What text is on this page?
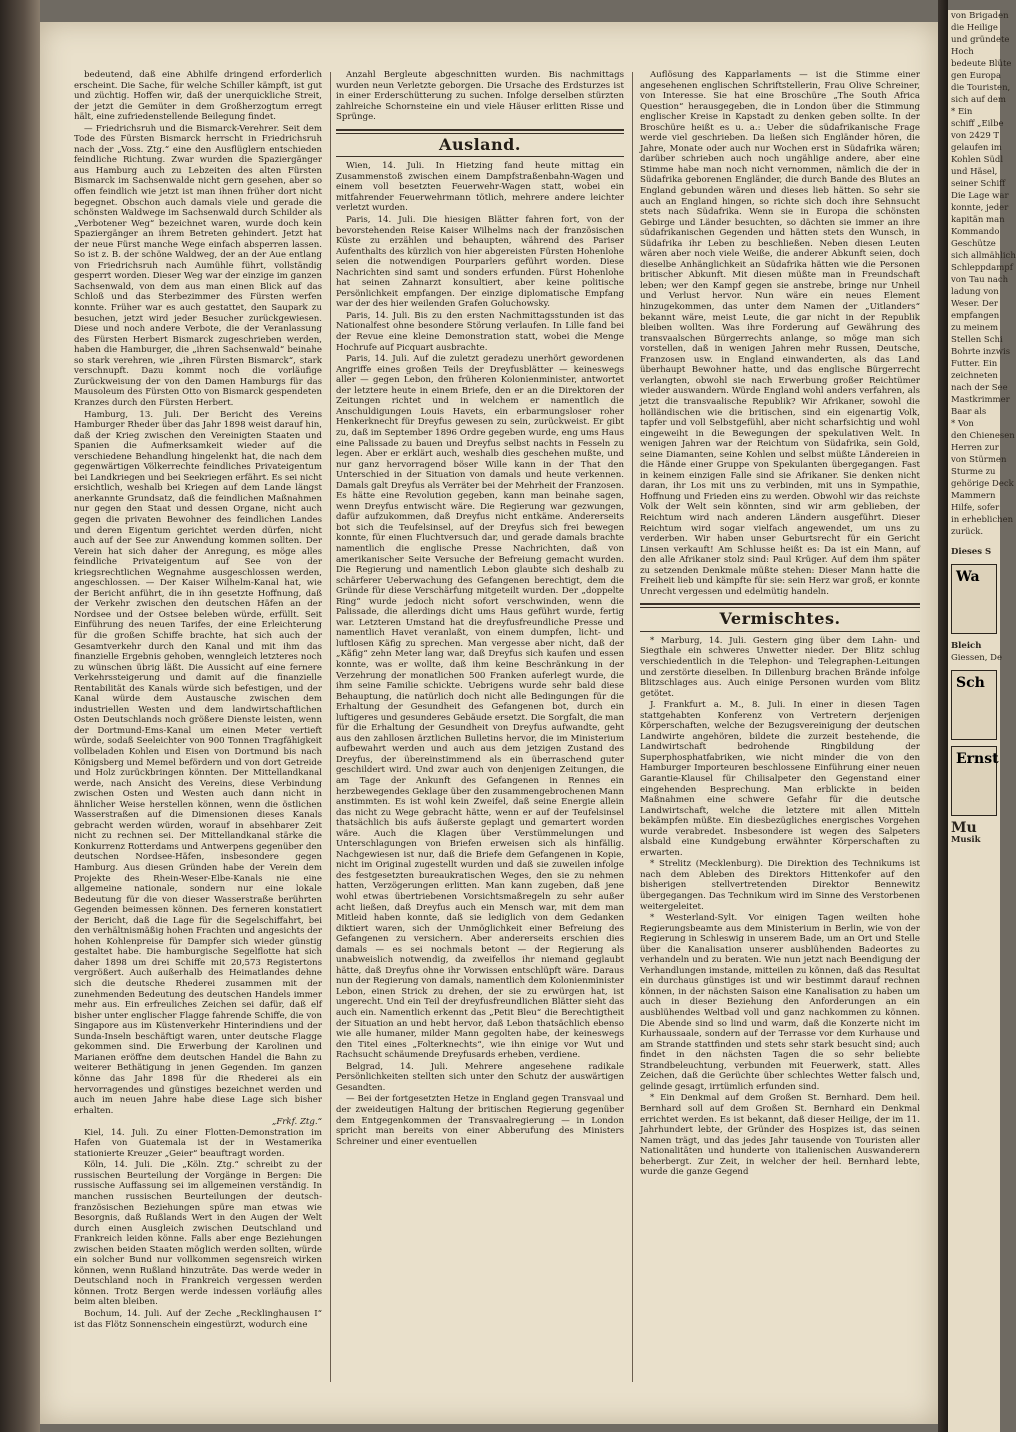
bedeutend, daß eine Abhilfe dringend erforderlich erscheint. Die Sache, für welche Schiller kämpft, ist gut und züchtig. Hoffen wir, daß der unerquickliche Streit, der jetzt die Gemüter in dem Großherzogtum erregt hält, eine zufriedenstellende Beilegung findet.

— Friedrichsruh und die Bismarck-Verehrer. Seit dem Tode des Fürsten Bismarck herrscht in Friedrichsruh nach der „Voss. Ztg.“ eine den Ausflüglern entschieden feindliche Richtung. Zwar wurden die Spaziergänger aus Hamburg auch zu Lebzeiten des alten Fürsten Bismarck im Sachsenwalde nicht gern gesehen, aber so offen feindlich wie jetzt ist man ihnen früher dort nicht begegnet. Obschon auch damals viele und gerade die schönsten Waldwege im Sachsenwald durch Schilder als „Verbotener Weg“ bezeichnet waren, wurde doch kein Spaziergänger an ihrem Betreten gehindert. Jetzt hat der neue Fürst manche Wege einfach absperren lassen. So ist z. B. der schöne Waldweg, der an der Aue entlang von Friedrichsruh nach Aumühle führt, vollständig gesperrt worden. Dieser Weg war der einzige im ganzen Sachsenwald, von dem aus man einen Blick auf das Schloß und das Sterbezimmer des Fürsten werfen konnte. Früher war es auch gestattet, den Saupark zu besuchen, jetzt wird jeder Besucher zurückgewiesen. Diese und noch andere Verbote, die der Veranlassung des Fürsten Herbert Bismarck zugeschrieben werden, haben die Hamburger, die „ihren Sachsenwald“ beinahe so stark verehren, wie „ihren Fürsten Bismarck“, stark verschnupft. Dazu kommt noch die vorläufige Zurückweisung der von den Damen Hamburgs für das Mausoleum des Fürsten Otto von Bismarck gespendeten Kranzes durch den Fürsten Herbert.

Hamburg, 13. Juli. Der Bericht des Vereins Hamburger Rheder über das Jahr 1898 weist darauf hin, daß der Krieg zwischen den Vereinigten Staaten und Spanien die Aufmerksamkeit wieder auf die verschiedene Behandlung hingelenkt hat, die nach dem gegenwärtigen Völkerrechte feindliches Privateigentum bei Landkriegen und bei Seekriegen erfährt. Es sei nicht ersichtlich, weshalb bei Kriegen auf dem Lande längst anerkannte Grundsatz, daß die feindlichen Maßnahmen nur gegen den Staat und dessen Organe, nicht auch gegen die privaten Bewohner des feindlichen Landes und deren Eigentum gerichtet werden dürfen, nicht auch auf der See zur Anwendung kommen sollten. Der Verein hat sich daher der Anregung, es möge alles feindliche Privateigentum auf See von der kriegsrechtlichen Wegnahme ausgeschlossen werden, angeschlossen. — Der Kaiser Wilhelm-Kanal hat, wie der Bericht anführt, die in ihn gesetzte Hoffnung, daß der Verkehr zwischen den deutschen Häfen an der Nordsee und der Ostsee beleben würde, erfüllt. Seit Einführung des neuen Tarifes, der eine Erleichterung für die großen Schiffe brachte, hat sich auch der Gesamtverkehr durch den Kanal und mit ihm das finanzielle Ergebnis gehoben, wenngleich letzteres noch zu wünschen übrig läßt. Die Aussicht auf eine fernere Verkehrssteigerung und damit auf die finanzielle Rentabilität des Kanals würde sich befestigen, und der Kanal würde dem Austausche zwischen dem industriellen Westen und dem landwirtschaftlichen Osten Deutschlands noch größere Dienste leisten, wenn der Dortmund-Ems-Kanal um einen Meter vertieft würde, sodaß Seeleichter von 900 Tonnen Tragfähigkeit vollbeladen Kohlen und Eisen von Dortmund bis nach Königsberg und Memel befördern und von dort Getreide und Holz zurückbringen könnten. Der Mittellandkanal werde, nach Ansicht des Vereins, diese Verbindung zwischen Osten und Westen auch dann nicht in ähnlicher Weise herstellen können, wenn die östlichen Wasserstraßen auf die Dimensionen dieses Kanals gebracht werden würden, worauf in absehbarer Zeit nicht zu rechnen sei. Der Mittellandkanal stärke die Konkurrenz Rotterdams und Antwerpens gegenüber den deutschen Nordsee-Häfen, insbesondere gegen Hamburg. Aus diesen Gründen habe der Verein dem Projekte des Rhein-Weser-Elbe-Kanals nie eine allgemeine nationale, sondern nur eine lokale Bedeutung für die von dieser Wasserstraße berührten Gegenden beimessen können. Des ferneren konstatiert der Bericht, daß die Lage für die Segelschiffahrt, bei den verhältnismäßig hohen Frachten und angesichts der hohen Kohlenpreise für Dampfer sich wieder günstig gestaltet habe. Die hamburgische Segelflotte hat sich daher 1898 um drei Schiffe mit 20,573 Registertons vergrößert. Auch außerhalb des Heimatlandes dehne sich die deutsche Rhederei zusammen mit der zunehmenden Bedeutung des deutschen Handels immer mehr aus. Ein erfreuliches Zeichen sei dafür, daß elf bisher unter englischer Flagge fahrende Schiffe, die von Singapore aus im Küstenverkehr Hinterindiens und der Sunda-Inseln beschäftigt waren, unter deutsche Flagge gekommen sind. Die Erwerbung der Karolinen und Marianen eröffne dem deutschen Handel die Bahn zu weiterer Bethätigung in jenen Gegenden. Im ganzen könne das Jahr 1898 für die Rhederei als ein hervorragendes und günstiges bezeichnet werden und auch im neuen Jahre habe diese Lage sich bisher erhalten.

„Frkf. Ztg.“

Kiel, 14. Juli. Zu einer Flotten-Demonstration im Hafen von Guatemala ist der in Westamerika stationierte Kreuzer „Geier“ beauftragt worden.

Köln, 14. Juli. Die „Köln. Ztg.“ schreibt zu der russischen Beurteilung der Vorgänge in Bergen: Die russische Auffassung sei im allgemeinen verständig. In manchen russischen Beurteilungen der deutsch-französischen Beziehungen spüre man etwas wie Besorgnis, daß Rußlands Wert in den Augen der Welt durch einen Ausgleich zwischen Deutschland und Frankreich leiden könne. Falls aber enge Beziehungen zwischen beiden Staaten möglich werden sollten, würde ein solcher Bund nur vollkommen segensreich wirken können, wenn Rußland hinzuträte. Das werde weder in Deutschland noch in Frankreich vergessen werden können. Trotz Bergen werde indessen vorläufig alles beim alten bleiben.

Bochum, 14. Juli. Auf der Zeche „Recklinghausen I“ ist das Flötz Sonnenschein eingestürzt, wodurch eine

Anzahl Bergleute abgeschnitten wurden. Bis nachmittags wurden neun Verletzte geborgen. Die Ursache des Erdsturzes ist in einer Erderschütterung zu suchen. Infolge derselben stürzten zahlreiche Schornsteine ein und viele Häuser erlitten Risse und Sprünge.

Ausland.

Wien, 14. Juli. In Hietzing fand heute mittag ein Zusammenstoß zwischen einem Dampfstraßenbahn-Wagen und einem voll besetzten Feuerwehr-Wagen statt, wobei ein mitfahrender Feuerwehrmann tötlich, mehrere andere leichter verletzt wurden.

Paris, 14. Juli. Die hiesigen Blätter fahren fort, von der bevorstehenden Reise Kaiser Wilhelms nach der französischen Küste zu erzählen und behaupten, während des Pariser Aufenthalts des kürzlich von hier abgereisten Fürsten Hohenlohe seien die notwendigen Pourparlers geführt worden. Diese Nachrichten sind samt und sonders erfunden. Fürst Hohenlohe hat seinen Zahnarzt konsultiert, aber keine politische Persönlichkeit empfangen. Der einzige diplomatische Empfang war der des hier weilenden Grafen Goluchowsky.

Paris, 14. Juli. Bis zu den ersten Nachmittagsstunden ist das Nationalfest ohne besondere Störung verlaufen. In Lille fand bei der Revue eine kleine Demonstration statt, wobei die Menge Hochrufe auf Picquart ausbrachte.

Paris, 14. Juli. Auf die zuletzt geradezu unerhört gewordenen Angriffe eines großen Teils der Dreyfusblätter — keineswegs aller — gegen Lebon, den früheren Kolonienminister, antwortet der letztere heute in einem Briefe, den er an die Direktoren der Zeitungen richtet und in welchem er namentlich die Anschuldigungen Louis Havets, ein erbarmungsloser roher Henkerknecht für Dreyfus gewesen zu sein, zurückweist. Er gibt zu, daß im September 1896 Ordre gegeben wurde, eng ums Haus eine Palissade zu bauen und Dreyfus selbst nachts in Fesseln zu legen. Aber er erklärt auch, weshalb dies geschehen mußte, und nur ganz hervorragend böser Wille kann in der That den Unterschied in der Situation von damals und heute verkennen. Damals galt Dreyfus als Verräter bei der Mehrheit der Franzosen. Es hätte eine Revolution gegeben, kann man beinahe sagen, wenn Dreyfus entwischt wäre. Die Regierung war gezwungen, dafür aufzukommen, daß Dreyfus nicht entkäme. Andererseits bot sich die Teufelsinsel, auf der Dreyfus sich frei bewegen konnte, für einen Fluchtversuch dar, und gerade damals brachte namentlich die englische Presse Nachrichten, daß von amerikanischer Seite Versuche der Befreiung gemacht wurden. Die Regierung und namentlich Lebon glaubte sich deshalb zu schärferer Ueberwachung des Gefangenen berechtigt, dem die Gründe für diese Verschärfung mitgeteilt wurden. Der „doppelte Ring“ wurde jedoch nicht sofort verschwinden, wenn die Palissade, die allerdings dicht ums Haus geführt wurde, fertig war. Letzteren Umstand hat die dreyfusfreundliche Presse und namentlich Havet veranlaßt, von einem dumpfen, licht- und luftlosen Käfig zu sprechen. Man vergesse aber nicht, daß der „Käfig“ zehn Meter lang war, daß Dreyfus sich kaufen und essen konnte, was er wollte, daß ihm keine Beschränkung in der Verzehrung der monatlichen 500 Franken auferlegt wurde, die ihm seine Familie schickte. Uebrigens wurde sehr bald diese Behauptung, die natürlich doch nicht alle Bedingungen für die Erhaltung der Gesundheit des Gefangenen bot, durch ein luftigeres und gesunderes Gebäude ersetzt. Die Sorgfalt, die man für die Erhaltung der Gesundheit von Dreyfus aufwandte, geht aus den zahllosen ärztlichen Bulletins hervor, die im Ministerium aufbewahrt werden und auch aus dem jetzigen Zustand des Dreyfus, der übereinstimmend als ein überraschend guter geschildert wird. Und zwar auch von denjenigen Zeitungen, die am Tage der Ankunft des Gefangenen in Rennes ein herzbewegendes Geklage über den zusammengebrochenen Mann anstimmten. Es ist wohl kein Zweifel, daß seine Energie allein das nicht zu Wege gebracht hätte, wenn er auf der Teufelsinsel thatsächlich bis aufs äußerste geplagt und gemartert worden wäre. Auch die Klagen über Verstümmelungen und Unterschlagungen von Briefen erweisen sich als hinfällig. Nachgewiesen ist nur, daß die Briefe dem Gefangenen in Kopie, nicht im Original zugestellt wurden und daß sie zuweilen infolge des festgesetzten bureaukratischen Weges, den sie zu nehmen hatten, Verzögerungen erlitten. Man kann zugeben, daß jene wohl etwas übertriebenen Vorsichtsmaßregeln zu sehr außer acht ließen, daß Dreyfus auch ein Mensch war, mit dem man Mitleid haben konnte, daß sie lediglich von dem Gedanken diktiert waren, sich der Unmöglichkeit einer Befreiung des Gefangenen zu versichern. Aber andererseits erschien dies damals — es sei nochmals betont — der Regierung als unabweislich notwendig, da zweifellos ihr niemand geglaubt hätte, daß Dreyfus ohne ihr Vorwissen entschlüpft wäre. Daraus nun der Regierung von damals, namentlich dem Kolonienminister Lebon, einen Strick zu drehen, der sie zu erwürgen hat, ist ungerecht. Und ein Teil der dreyfusfreundlichen Blätter sieht das auch ein. Namentlich erkennt das „Petit Bleu“ die Berechtigtheit der Situation an und hebt hervor, daß Lebon thatsächlich ebenso wie alle humaner, milder Mann gegolten habe, der keineswegs den Titel eines „Folterknechts“, wie ihn einige vor Wut und Rachsucht schäumende Dreyfusards erheben, verdiene.

Belgrad, 14. Juli. Mehrere angesehene radikale Persönlichkeiten stellten sich unter den Schutz der auswärtigen Gesandten.

— Bei der fortgesetzten Hetze in England gegen Transvaal und der zweideutigen Haltung der britischen Regierung gegenüber dem Entgegenkommen der Transvaalregierung — in London spricht man bereits von einer Abberufung des Ministers Schreiner und einer eventuellen

Auflösung des Kapparlaments — ist die Stimme einer angesehenen englischen Schriftstellerin, Frau Olive Schreiner, von Interesse. Sie hat eine Broschüre „The South Africa Question“ herausgegeben, die in London über die Stimmung englischer Kreise in Kapstadt zu denken geben sollte. In der Broschüre heißt es u. a.: Ueber die südafrikanische Frage werde viel geschrieben. Da ließen sich Engländer hören, die Jahre, Monate oder auch nur Wochen erst in Südafrika wären; darüber schrieben auch noch ungählige andere, aber eine Stimme habe man noch nicht vernommen, nämlich die der in Südafrika geborenen Engländer, die durch Bande des Blutes an England gebunden wären und dieses lieb hätten. So sehr sie auch an England hingen, so richte sich doch ihre Sehnsucht stets nach Südafrika. Wenn sie in Europa die schönsten Gebirge und Länder besuchten, so dächten sie immer an ihre südafrikanischen Gegenden und hätten stets den Wunsch, in Südafrika ihr Leben zu beschließen. Neben diesen Leuten wären aber noch viele Weiße, die anderer Abkunft seien, doch dieselbe Anhänglichkeit an Südafrika hätten wie die Personen britischer Abkunft. Mit diesen müßte man in Freundschaft leben; wer den Kampf gegen sie anstrebe, bringe nur Unheil und Verlust hervor. Nun wäre ein neues Element hinzugekommen, das unter dem Namen der „Uitlanders“ bekannt wäre, meist Leute, die gar nicht in der Republik bleiben wollten. Was ihre Forderung auf Gewährung des transvaalschen Bürgerrechts anlange, so möge man sich vorstellen, daß in wenigen Jahren mehr Russen, Deutsche, Franzosen usw. in England einwanderten, als das Land überhaupt Bewohner hatte, und das englische Bürgerrecht verlangten, obwohl sie nach Erwerbung großer Reichtümer wieder auswandern. Würde England wohl anders verfahren, als jetzt die transvaalische Republik? Wir Afrikaner, sowohl die holländischen wie die britischen, sind ein eigenartig Volk, tapfer und voll Selbstgefühl, aber nicht scharfsichtig und wohl eingeweiht in die Bewegungen der spekulativen Welt. In wenigen Jahren war der Reichtum von Südafrika, sein Gold, seine Diamanten, seine Kohlen und selbst müßte Ländereien in die Hände einer Gruppe von Spekulanten übergegangen. Fast in keinem einzigen Falle sind sie Afrikaner. Sie denken nicht daran, ihr Los mit uns zu verbinden, mit uns in Sympathie, Hoffnung und Frieden eins zu werden. Obwohl wir das reichste Volk der Welt sein könnten, sind wir arm geblieben, der Reichtum wird nach anderen Ländern ausgeführt. Dieser Reichtum wird sogar vielfach angewendet, um uns zu verderben. Wir haben unser Geburtsrecht für ein Gericht Linsen verkauft! Am Schlusse heißt es: Da ist ein Mann, auf den alle Afrikaner stolz sind: Paul Krüger. Auf dem ihm später zu setzenden Denkmale müßte stehen: Dieser Mann hatte die Freiheit lieb und kämpfte für sie: sein Herz war groß, er konnte Unrecht vergessen und edelmütig handeln.

Vermischtes.

* Marburg, 14. Juli. Gestern ging über dem Lahn- und Siegthale ein schweres Unwetter nieder. Der Blitz schlug verschiedentlich in die Telephon- und Telegraphen-Leitungen und zerstörte dieselben. In Dillenburg brachen Brände infolge Blitzschlages aus. Auch einige Personen wurden vom Blitz getötet.

J. Frankfurt a. M., 8. Juli. In einer in diesen Tagen stattgehabten Konferenz von Vertretern derjenigen Körperschaften, welche der Bezugsvereinigung der deutschen Landwirte angehören, bildete die zurzeit bestehende, die Landwirtschaft bedrohende Ringbildung der Superphosphatfabriken, wie nicht minder die von den Hamburger Importeuren beschlossene Einführung einer neuen Garantie-Klausel für Chilisalpeter den Gegenstand einer eingehenden Besprechung. Man erblickte in beiden Maßnahmen eine schwere Gefahr für die deutsche Landwirtschaft, welche die letztere mit allen Mitteln bekämpfen müßte. Ein diesbezügliches energisches Vorgehen wurde verabredet. Insbesondere ist wegen des Salpeters alsbald eine Kundgebung erwähnter Körperschaften zu erwarten.

* Strelitz (Mecklenburg). Die Direktion des Technikums ist nach dem Ableben des Direktors Hittenkofer auf den bisherigen stellvertretenden Direktor Bennewitz übergegangen. Das Technikum wird im Sinne des Verstorbenen weitergeleitet.

* Westerland-Sylt. Vor einigen Tagen weilten hohe Regierungsbeamte aus dem Ministerium in Berlin, wie von der Regierung in Schleswig in unserem Bade, um an Ort und Stelle über die Kanalisation unserer ausblühenden Badeortes zu verhandeln und zu beraten. Wie nun jetzt nach Beendigung der Verhandlungen imstande, mitteilen zu können, daß das Resultat ein durchaus günstiges ist und wir bestimmt darauf rechnen können, in der nächsten Saison eine Kanalisation zu haben um auch in dieser Beziehung den Anforderungen an ein ausblühendes Weltbad voll und ganz nachkommen zu können. Die Abende sind so lind und warm, daß die Konzerte nicht im Kurhaussaale, sondern auf der Terrasse vor dem Kurhause und am Strande stattfinden und stets sehr stark besucht sind; auch findet in den nächsten Tagen die so sehr beliebte Strandbeleuchtung, verbunden mit Feuerwerk, statt. Alles Zeichen, daß die Gerüchte über schlechtes Wetter falsch und, gelinde gesagt, irrtümlich erfunden sind.

* Ein Denkmal auf dem Großen St. Bernhard. Dem heil. Bernhard soll auf dem Großen St. Bernhard ein Denkmal errichtet werden. Es ist bekannt, daß dieser Heilige, der im 11. Jahrhundert lebte, der Gründer des Hospizes ist, das seinen Namen trägt, und das jedes Jahr tausende von Touristen aller Nationalitäten und hunderte von italienischen Auswanderern beherbergt. Zur Zeit, in welcher der heil. Bernhard lebte, wurde die ganze Gegend

von Brigaden
die Heilige
und gründete
Hoch
bedeute Blüte
gen Europa
die Touristen,
sich auf dem
* Ein
schiff „Eilbe
von 2429 T
gelaufen im
Kohlen Südl
und Häsel,
seiner Schiff
Die Lage war
konnte, jeder
kapitän man
Kommando
Geschütze
sich allmählich
Schleppdampf
von Tau nach
ladung von
Weser. Der
empfangen
zu meinem
Stellen Schi
Bohrte inzwis
Futter. Ein
zeichneten
nach der See
Mastkrimmer
Baar als
* Von
den Chienesen
Herren zur
von Stürmen
Sturme zu
gehörige Deck
Mammern
Hilfe, sofer
in erheblichen
zurück.
Dieses S
Wa
Bleich
Giessen, De
Sch
Ernst
Mu
Musik
